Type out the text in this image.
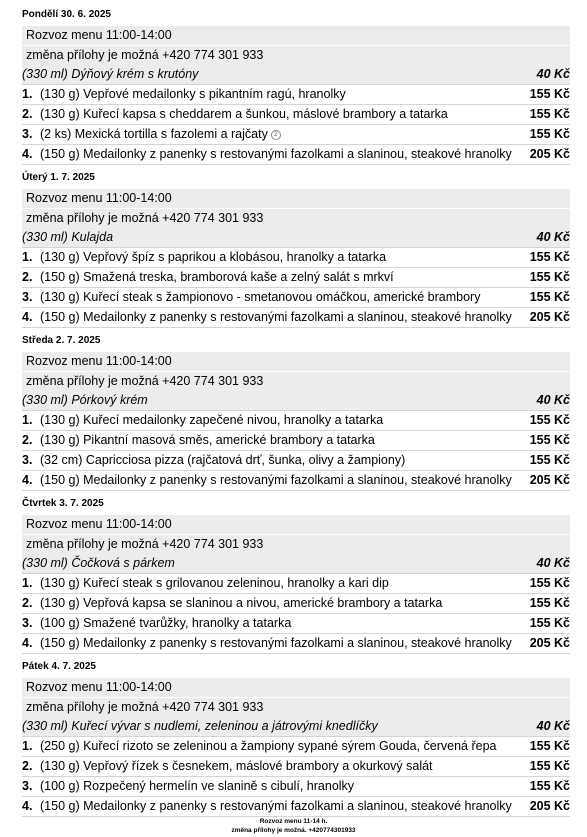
Pondělí 30. 6. 2025
Rozvoz menu 11:00-14:00
změna přílohy je možná +420 774 301 933
(330 ml) Dýňový krém s krutóny	40 Kč
1. (130 g) Vepřové medailonky s pikantním ragú, hranolky	155 Kč
2. (130 g) Kuřecí kapsa s cheddarem a šunkou, máslové brambory a tatarka	155 Kč
3. (2 ks) Mexická tortilla s fazolemi a rajčaty 2	155 Kč
4. (150 g) Medailonky z panenky s restovanými fazolkami a slaninou, steakové hranolky	205 Kč
Úterý 1. 7. 2025
Rozvoz menu 11:00-14:00
změna přílohy je možná +420 774 301 933
(330 ml) Kulajda	40 Kč
1. (130 g) Vepřový špíz s paprikou a klobásou, hranolky a tatarka	155 Kč
2. (150 g) Smažená treska, bramborová kaše a zelný salát s mrkví	155 Kč
3. (130 g) Kuřecí steak s žampionovo - smetanovou omáčkou, americké brambory	155 Kč
4. (150 g) Medailonky z panenky s restovanými fazolkami a slaninou, steakové hranolky	205 Kč
Středa 2. 7. 2025
Rozvoz menu 11:00-14:00
změna přílohy je možná +420 774 301 933
(330 ml) Pórkový krém	40 Kč
1. (130 g) Kuřecí medailonky zapečené nivou, hranolky a tatarka	155 Kč
2. (130 g) Pikantní masová směs, americké brambory a tatarka	155 Kč
3. (32 cm) Capricciosa pizza (rajčatová drť, šunka, olivy a žampiony)	155 Kč
4. (150 g) Medailonky z panenky s restovanými fazolkami a slaninou, steakové hranolky	205 Kč
Čtvrtek 3. 7. 2025
Rozvoz menu 11:00-14:00
změna přílohy je možná +420 774 301 933
(330 ml) Čočková s párkem	40 Kč
1. (130 g) Kuřecí steak s grilovanou zeleninou, hranolky a kari dip	155 Kč
2. (130 g) Vepřová kapsa se slaninou a nivou, americké brambory a tatarka	155 Kč
3. (100 g) Smažené tvarůžky, hranolky a tatarka	155 Kč
4. (150 g) Medailonky z panenky s restovanými fazolkami a slaninou, steakové hranolky	205 Kč
Pátek 4. 7. 2025
Rozvoz menu 11:00-14:00
změna přílohy je možná +420 774 301 933
(330 ml) Kuřecí vývar s nudlemi, zeleninou a játrovými knedlíčky	40 Kč
1. (250 g) Kuřecí rizoto se zeleninou a žampiony sypané sýrem Gouda, červená řepa	155 Kč
2. (130 g) Vepřový řízek s česnekem, máslové brambory a okurkový salát	155 Kč
3. (100 g) Rozpečený hermelín ve slanině s cibulí, hranolky	155 Kč
4. (150 g) Medailonky z panenky s restovanými fazolkami a slaninou, steakové hranolky	205 Kč
Rozvoz menu 11-14 h.
změna přílohy je možná. +420774301933
